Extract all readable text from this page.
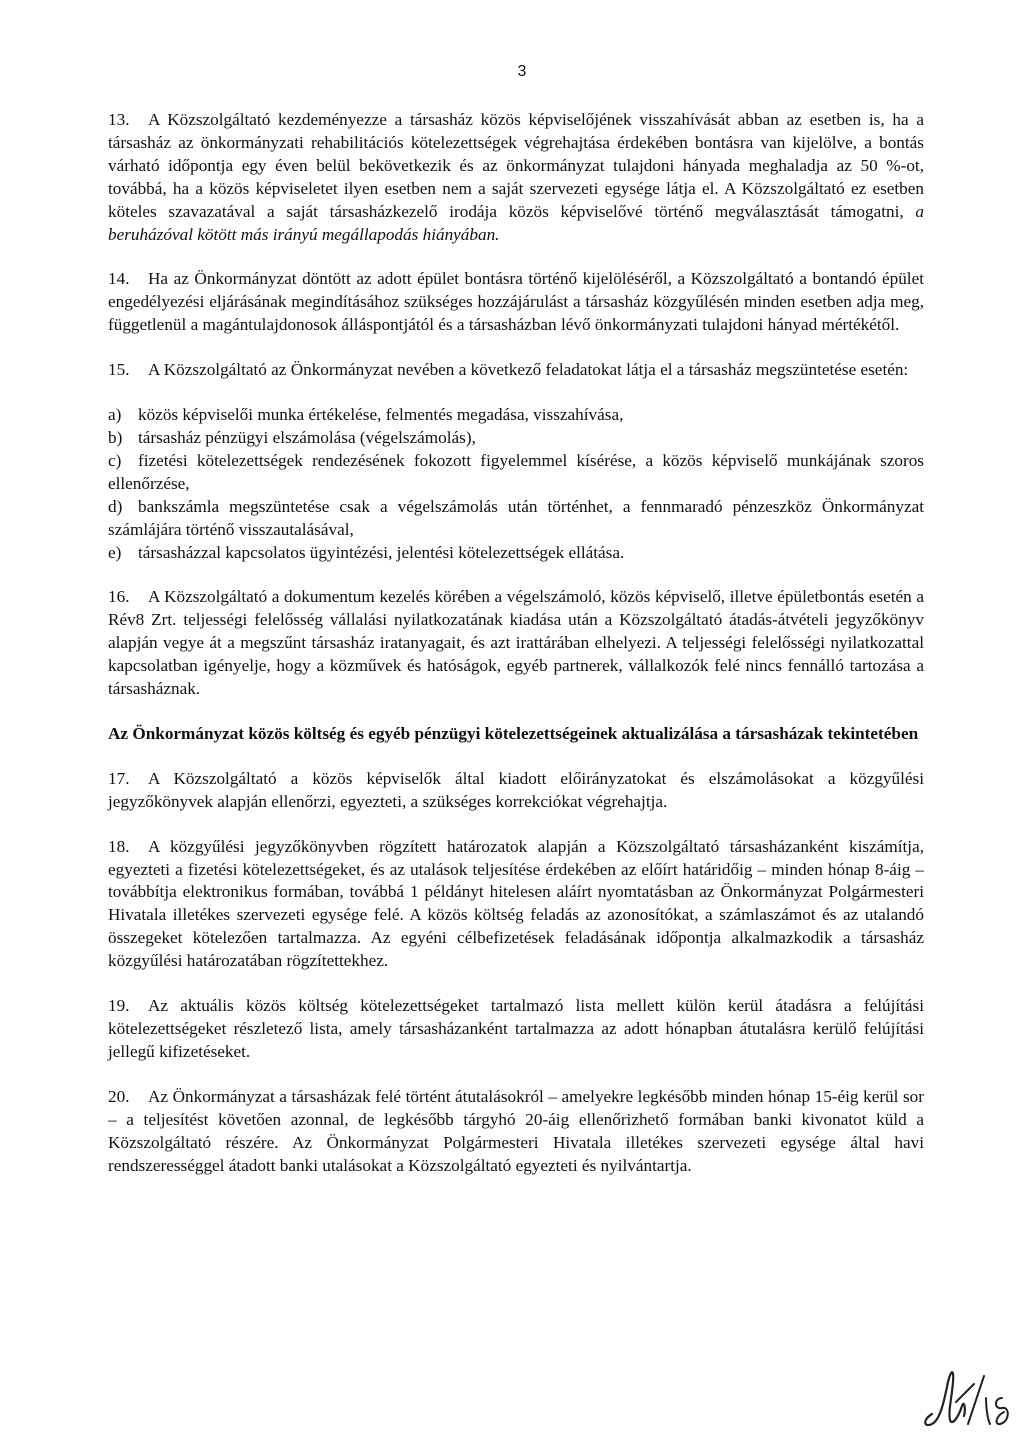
3

13. A Közszolgáltató kezdeményezze a társasház közös képviselőjének visszahívását abban az esetben is, ha a társasház az önkormányzati rehabilitációs kötelezettségek végrehajtása érdekében bontásra van kijelölve, a bontás várható időpontja egy éven belül bekövetkezik és az önkormányzat tulajdoni hányada meghaladja az 50 %-ot, továbbá, ha a közös képviseletet ilyen esetben nem a saját szervezeti egysége látja el. A Közszolgáltató ez esetben köteles szavazatával a saját társasházkezelő irodája közös képviselővé történő megválasztását támogatni, a beruházóval kötött más irányú megállapodás hiányában.

14. Ha az Önkormányzat döntött az adott épület bontásra történő kijelöléséről, a Közszolgáltató a bontandó épület engedélyezési eljárásának megindításához szükséges hozzájárulást a társasház közgyűlésén minden esetben adja meg, függetlenül a magántulajdonosok álláspontjától és a társasházban lévő önkormányzati tulajdoni hányad mértékétől.

15. A Közszolgáltató az Önkormányzat nevében a következő feladatokat látja el a társasház megszüntetése esetén:

a) közös képviselői munka értékelése, felmentés megadása, visszahívása,
b) társasház pénzügyi elszámolása (végelszámolás),
c) fizetési kötelezettségek rendezésének fokozott figyelemmel kísérése, a közös képviselő munkájának szoros ellenőrzése,
d) bankszámla megszüntetése csak a végelszámolás után történhet, a fennmaradó pénzeszköz Önkormányzat számlájára történő visszautalásával,
e) társasházzal kapcsolatos ügyintézési, jelentési kötelezettségek ellátása.

16. A Közszolgáltató a dokumentum kezelés körében a végelszámoló, közös képviselő, illetve épületbontás esetén a Rév8 Zrt. teljességi felelősség vállalási nyilatkozatának kiadása után a Közszolgáltató átadás-átvételi jegyzőkönyv alapján vegye át a megszűnt társasház iratanyagait, és azt irattárában elhelyezi. A teljességi felelősségi nyilatkozattal kapcsolatban igényelje, hogy a közművek és hatóságok, egyéb partnerek, vállalkozók felé nincs fennálló tartozása a társasháznak.

Az Önkormányzat közös költség és egyéb pénzügyi kötelezettségeinek aktualizálása a társasházak tekintetében

17. A Közszolgáltató a közös képviselők által kiadott előirányzatokat és elszámolásokat a közgyűlési jegyzőkönyvek alapján ellenőrzi, egyezteti, a szükséges korrekciókat végrehajtja.

18. A közgyűlési jegyzőkönyvben rögzített határozatok alapján a Közszolgáltató társasházanként kiszámítja, egyezteti a fizetési kötelezettségeket, és az utalások teljesítése érdekében az előírt határidőig – minden hónap 8-áig – továbbítja elektronikus formában, továbbá 1 példányt hitelesen aláírt nyomtatásban az Önkormányzat Polgármesteri Hivatala illetékes szervezeti egysége felé. A közös költség feladás az azonosítókat, a számlaszámot és az utalandó összegeket kötelezően tartalmazza. Az egyéni célbefizetések feladásának időpontja alkalmazkodik a társasház közgyűlési határozatában rögzítettekhez.

19. Az aktuális közös költség kötelezettségeket tartalmazó lista mellett külön kerül átadásra a felújítási kötelezettségeket részletező lista, amely társasházanként tartalmazza az adott hónapban átutalásra kerülő felújítási jellegű kifizetéseket.

20. Az Önkormányzat a társasházak felé történt átutalásokról – amelyekre legkésőbb minden hónap 15-éig kerül sor – a teljesítést követően azonnal, de legkésőbb tárgyhó 20-áig ellenőrizhető formában banki kivonatot küld a Közszolgáltató részére. Az Önkormányzat Polgármesteri Hivatala illetékes szervezeti egysége által havi rendszerességgel átadott banki utalásokat a Közszolgáltató egyezteti és nyilvántartja.
